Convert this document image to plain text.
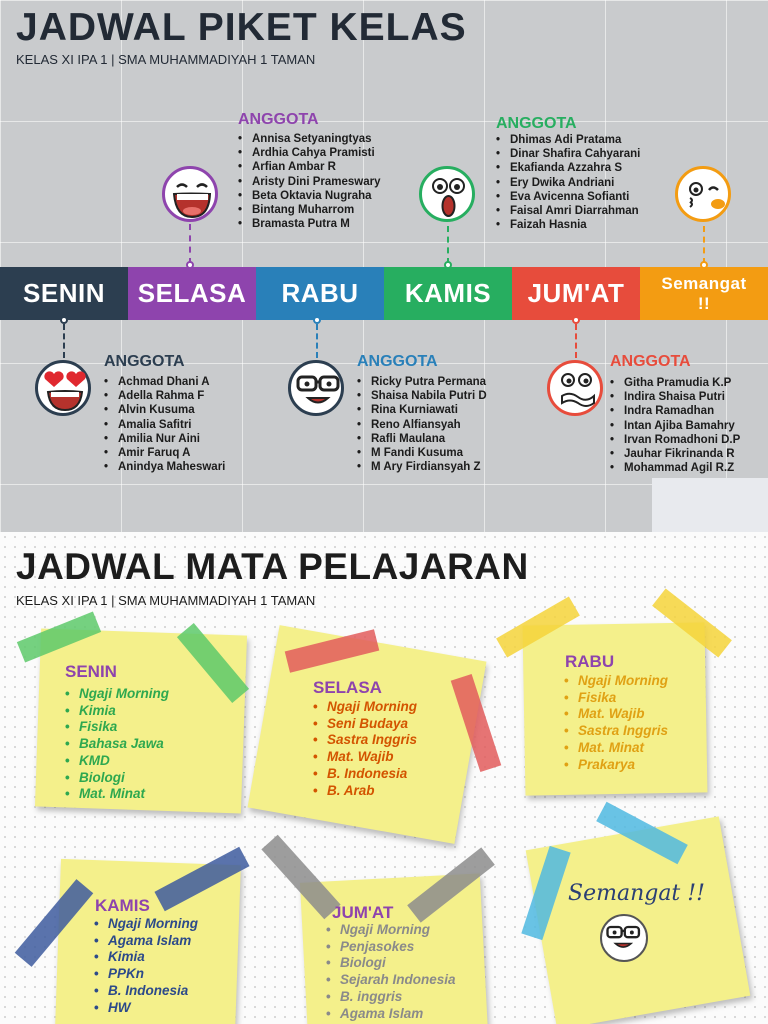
JADWAL PIKET KELAS
KELAS XI IPA 1 | SMA MUHAMMADIYAH 1 TAMAN
SENIN	SELASA	RABU	KAMIS	JUM'AT	Semangat !!
ANGGOTA
• Annisa Setyaningtyas
• Ardhia Cahya Pramisti
• Arfian Ambar R
• Aristy Dini Prameswary
• Beta Oktavia Nugraha
• Bintang Muharrom
• Bramasta Putra M
ANGGOTA
• Dhimas Adi Pratama
• Dinar Shafira Cahyarani
• Ekafianda Azzahra S
• Ery Dwika Andriani
• Eva Avicenna Sofianti
• Faisal Amri Diarrahman
• Faizah Hasnia
ANGGOTA
• Achmad Dhani A
• Adella Rahma F
• Alvin Kusuma
• Amalia Safitri
• Amilia Nur Aini
• Amir Faruq A
• Anindya Maheswari
ANGGOTA
• Ricky Putra Permana
• Shaisa Nabila Putri D
• Rina Kurniawati
• Reno Alfiansyah
• Rafli Maulana
• M Fandi Kusuma
• M Ary Firdiansyah Z
ANGGOTA
• Githa Pramudia K.P
• Indira Shaisa Putri
• Indra Ramadhan
• Intan Ajiba Bamahry
• Irvan Romadhoni D.P
• Jauhar Fikrinanda R
• Mohammad Agil R.Z
JADWAL MATA PELAJARAN
KELAS XI IPA 1 | SMA MUHAMMADIYAH 1 TAMAN
SENIN
• Ngaji Morning
• Kimia
• Fisika
• Bahasa Jawa
• KMD
• Biologi
• Mat. Minat
SELASA
• Ngaji Morning
• Seni Budaya
• Sastra Inggris
• Mat. Wajib
• B. Indonesia
• B. Arab
RABU
• Ngaji Morning
• Fisika
• Mat. Wajib
• Sastra Inggris
• Mat. Minat
• Prakarya
KAMIS
• Ngaji Morning
• Agama Islam
• Kimia
• PPKn
• B. Indonesia
• HW
JUM'AT
• Ngaji Morning
• Penjasokes
• Biologi
• Sejarah Indonesia
• B. inggris
• Agama Islam
Semangat !!
